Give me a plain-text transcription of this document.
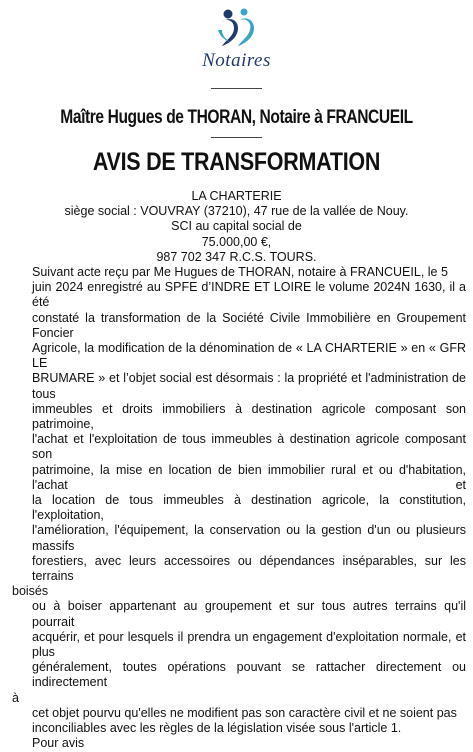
Notaires
Maître Hugues de THORAN, Notaire à FRANCUEIL
AVIS DE TRANSFORMATION
LA CHARTERIE
siège social : VOUVRAY (37210), 47 rue de la vallée de Nouy.
SCI au capital social de
75.000,00 €,
987 702 347 R.C.S. TOURS.

Suivant acte reçu par Me Hugues de THORAN, notaire à FRANCUEIL, le 5

juin 2024 enregistré au SPFE d’INDRE ET LOIRE le volume 2024N 1630, il a été

constaté la transformation de la Société Civile Immobilière en Groupement Foncier

Agricole, la modification de la dénomination de « LA CHARTERIE » en « GFR LE

BRUMARE » et l’objet social est désormais : la propriété et l'administration de tous

immeubles et droits immobiliers à destination agricole composant son patrimoine,

l'achat et l'exploitation de tous immeubles à destination agricole composant son

patrimoine, la mise en location de bien immobilier rural et ou d'habitation, l'achat et

la location de tous immeubles à destination agricole, la constitution, l'exploitation,

l'amélioration, l'équipement, la conservation ou la gestion d'un ou plusieurs massifs

forestiers, avec leurs accessoires ou dépendances inséparables, sur les terrains

boisés

ou à boiser appartenant au groupement et sur tous autres terrains qu'il pourrait

acquérir, et pour lesquels il prendra un engagement d'exploitation normale, et plus

généralement, toutes opérations pouvant se rattacher directement ou indirectement

à

cet objet pourvu qu'elles ne modifient pas son caractère civil et ne soient pas

inconciliables avec les règles de la législation visée sous l'article 1.

Pour avis
